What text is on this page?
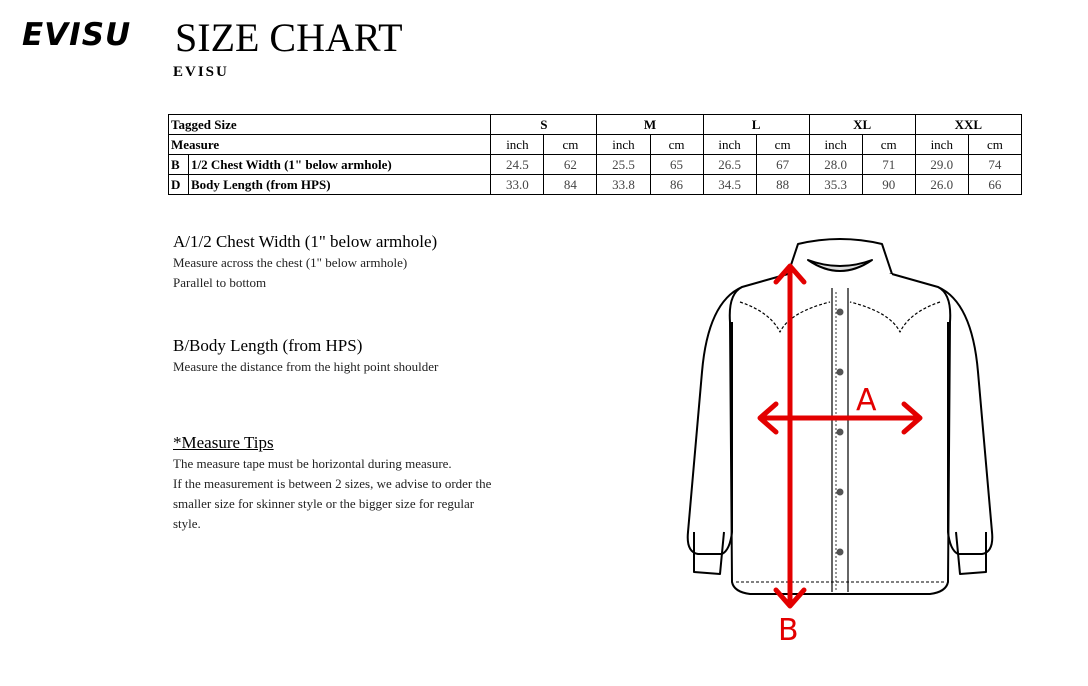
EVISU SIZE CHART
EVISU
Tagged Size		S		M		L		XL		XXL	
Measure		inch	cm	inch	cm	inch	cm	inch	cm	inch	cm
B	1/2 Chest Width (1" below armhole)	24.5	62	25.5	65	26.5	67	28.0	71	29.0	74
D	Body Length (from HPS)	33.0	84	33.8	86	34.5	88	35.3	90	26.0	66
A/1/2 Chest Width (1" below armhole)

Measure across the chest (1" below armhole)

Parallel to bottom

B/Body Length (from HPS)

Measure the distance from the hight point shoulder

*Measure Tips

The measure tape must be horizontal during measure.

If the measurement is between 2 sizes, we advise to order the

smaller size for skinner style or the bigger size for regular

style.

A
B
